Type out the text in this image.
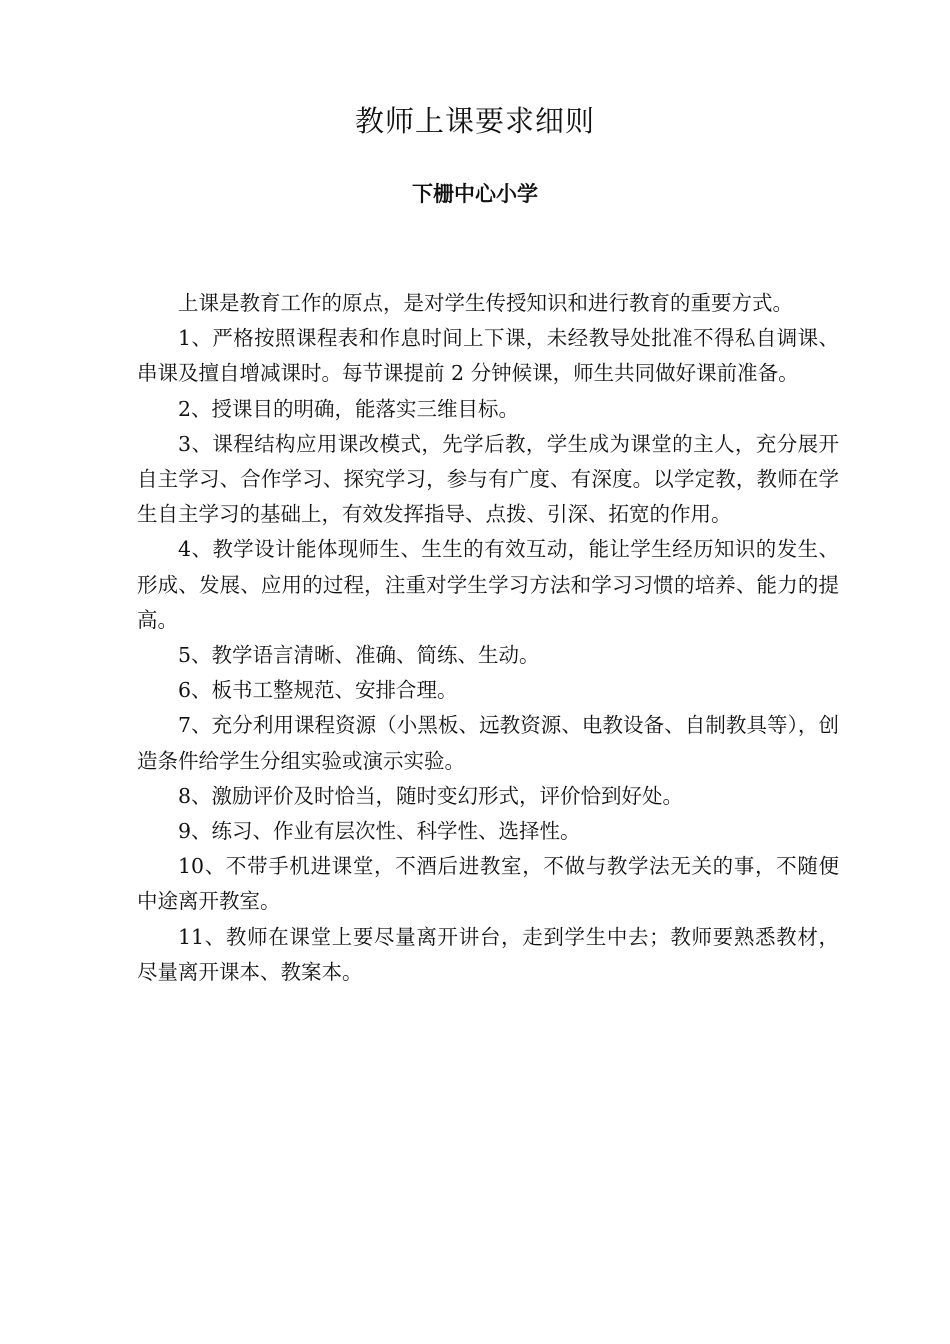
教师上课要求细则
下栅中心小学

上课是教育工作的原点，是对学生传授知识和进行教育的重要方式。

1、严格按照课程表和作息时间上下课，未经教导处批准不得私自调课、串课及擅自增减课时。每节课提前 2 分钟候课，师生共同做好课前准备。

2、授课目的明确，能落实三维目标。

3、课程结构应用课改模式，先学后教，学生成为课堂的主人，充分展开自主学习、合作学习、探究学习，参与有广度、有深度。以学定教，教师在学生自主学习的基础上，有效发挥指导、点拨、引深、拓宽的作用。

4、教学设计能体现师生、生生的有效互动，能让学生经历知识的发生、形成、发展、应用的过程，注重对学生学习方法和学习习惯的培养、能力的提高。

5、教学语言清晰、准确、简练、生动。

6、板书工整规范、安排合理。

7、充分利用课程资源（小黑板、远教资源、电教设备、自制教具等），创造条件给学生分组实验或演示实验。

8、激励评价及时恰当，随时变幻形式，评价恰到好处。

9、练习、作业有层次性、科学性、选择性。

10、不带手机进课堂，不酒后进教室，不做与教学法无关的事，不随便中途离开教室。

11、教师在课堂上要尽量离开讲台，走到学生中去；教师要熟悉教材，尽量离开课本、教案本。
